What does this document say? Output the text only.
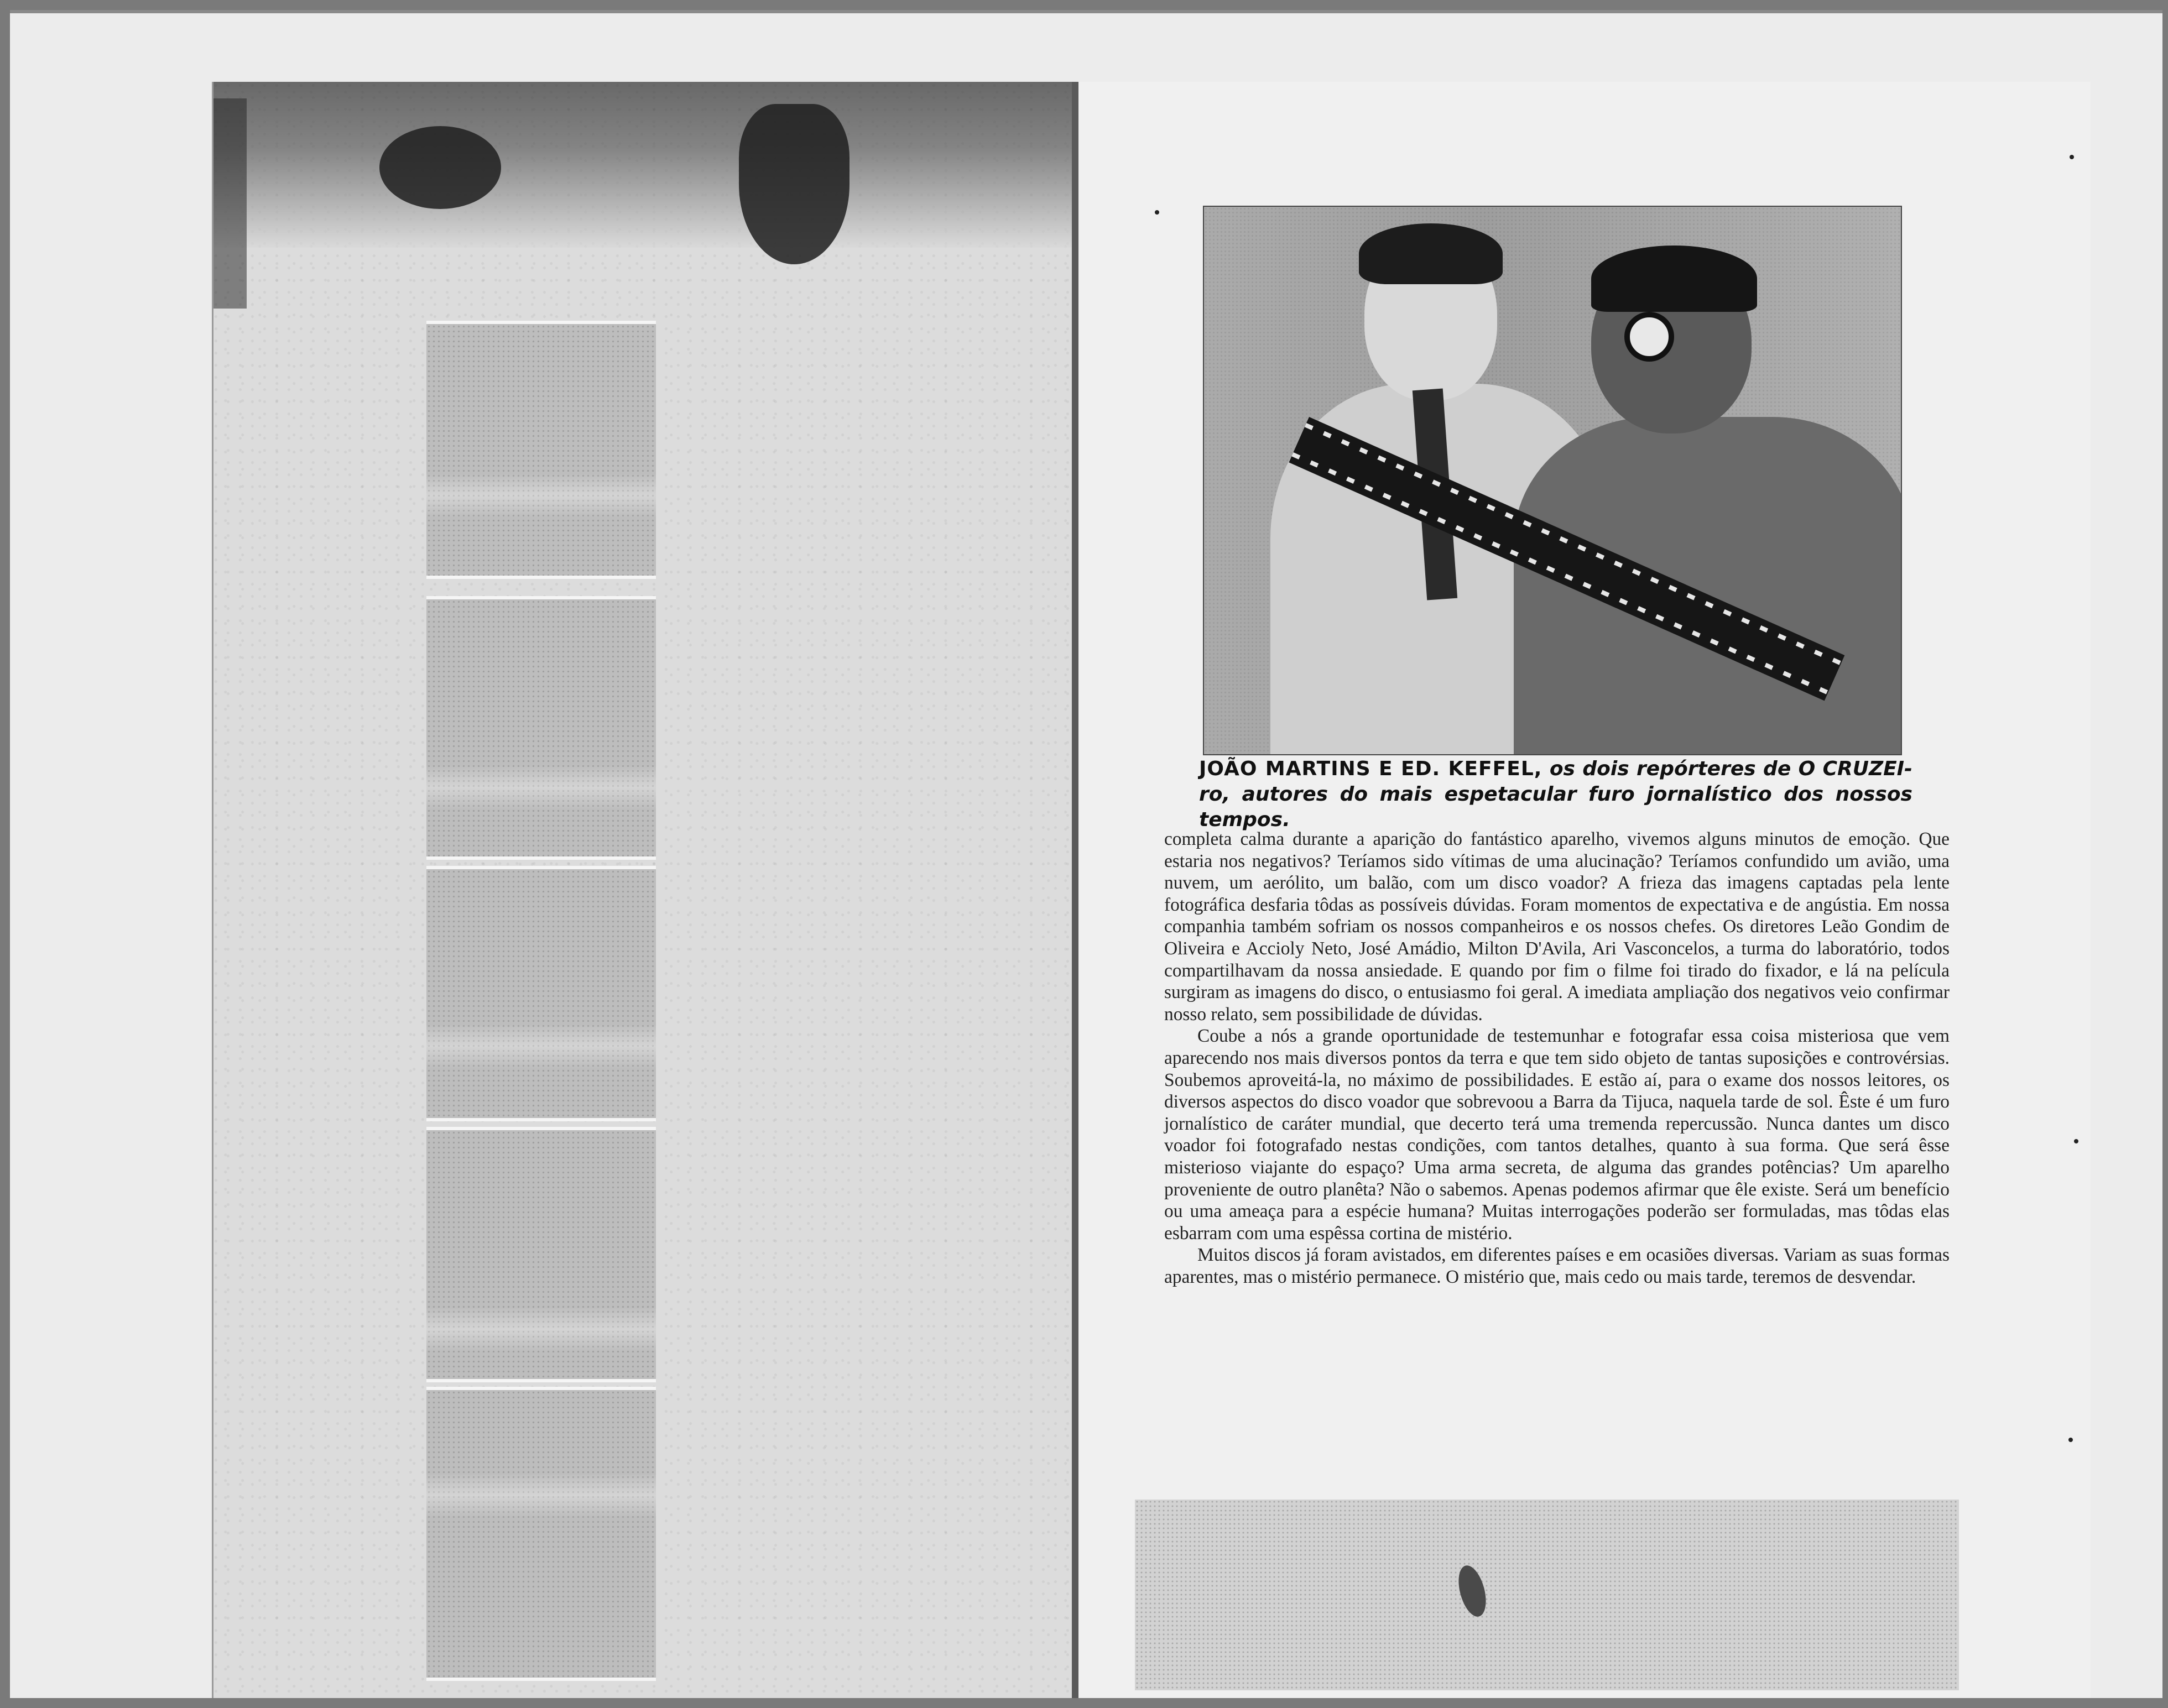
JOÃO MARTINS E ED. KEFFEL, os dois repórteres de O CRUZEI-ro, autores do mais espetacular furo jornalístico dos nossos tempos.

completa calma durante a aparição do fantástico aparelho, vivemos alguns minutos de emoção. Que estaria nos negativos? Teríamos sido vítimas de uma alucinação? Teríamos confundido um avião, uma nuvem, um aerólito, um balão, com um disco voador? A frieza das imagens captadas pela lente fotográfica desfaria tôdas as possíveis dúvidas. Foram momentos de expectativa e de angústia. Em nossa companhia também sofriam os nossos companheiros e os nossos chefes. Os diretores Leão Gondim de Oliveira e Accioly Neto, José Amádio, Milton D'Avila, Ari Vasconcelos, a turma do laboratório, todos compartilhavam da nossa ansiedade. E quando por fim o filme foi tirado do fixador, e lá na película surgiram as imagens do disco, o entusiasmo foi geral. A imediata ampliação dos negativos veio confirmar nosso relato, sem possibilidade de dúvidas.

Coube a nós a grande oportunidade de testemunhar e fotografar essa coisa misteriosa que vem aparecendo nos mais diversos pontos da terra e que tem sido objeto de tantas suposições e controvérsias. Soubemos aproveitá-la, no máximo de possibilidades. E estão aí, para o exame dos nossos leitores, os diversos aspectos do disco voador que sobrevoou a Barra da Tijuca, naquela tarde de sol. Êste é um furo jornalístico de caráter mundial, que decerto terá uma tremenda repercussão. Nunca dantes um disco voador foi fotografado nestas condições, com tantos detalhes, quanto à sua forma. Que será êsse misterioso viajante do espaço? Uma arma secreta, de alguma das grandes potências? Um aparelho proveniente de outro planêta? Não o sabemos. Apenas podemos afirmar que êle existe. Será um benefício ou uma ameaça para a espécie humana? Muitas interrogações poderão ser formuladas, mas tôdas elas esbarram com uma espêssa cortina de mistério.

Muitos discos já foram avistados, em diferentes países e em ocasiões diversas. Variam as suas formas aparentes, mas o mistério permanece. O mistério que, mais cedo ou mais tarde, teremos de desvendar.
